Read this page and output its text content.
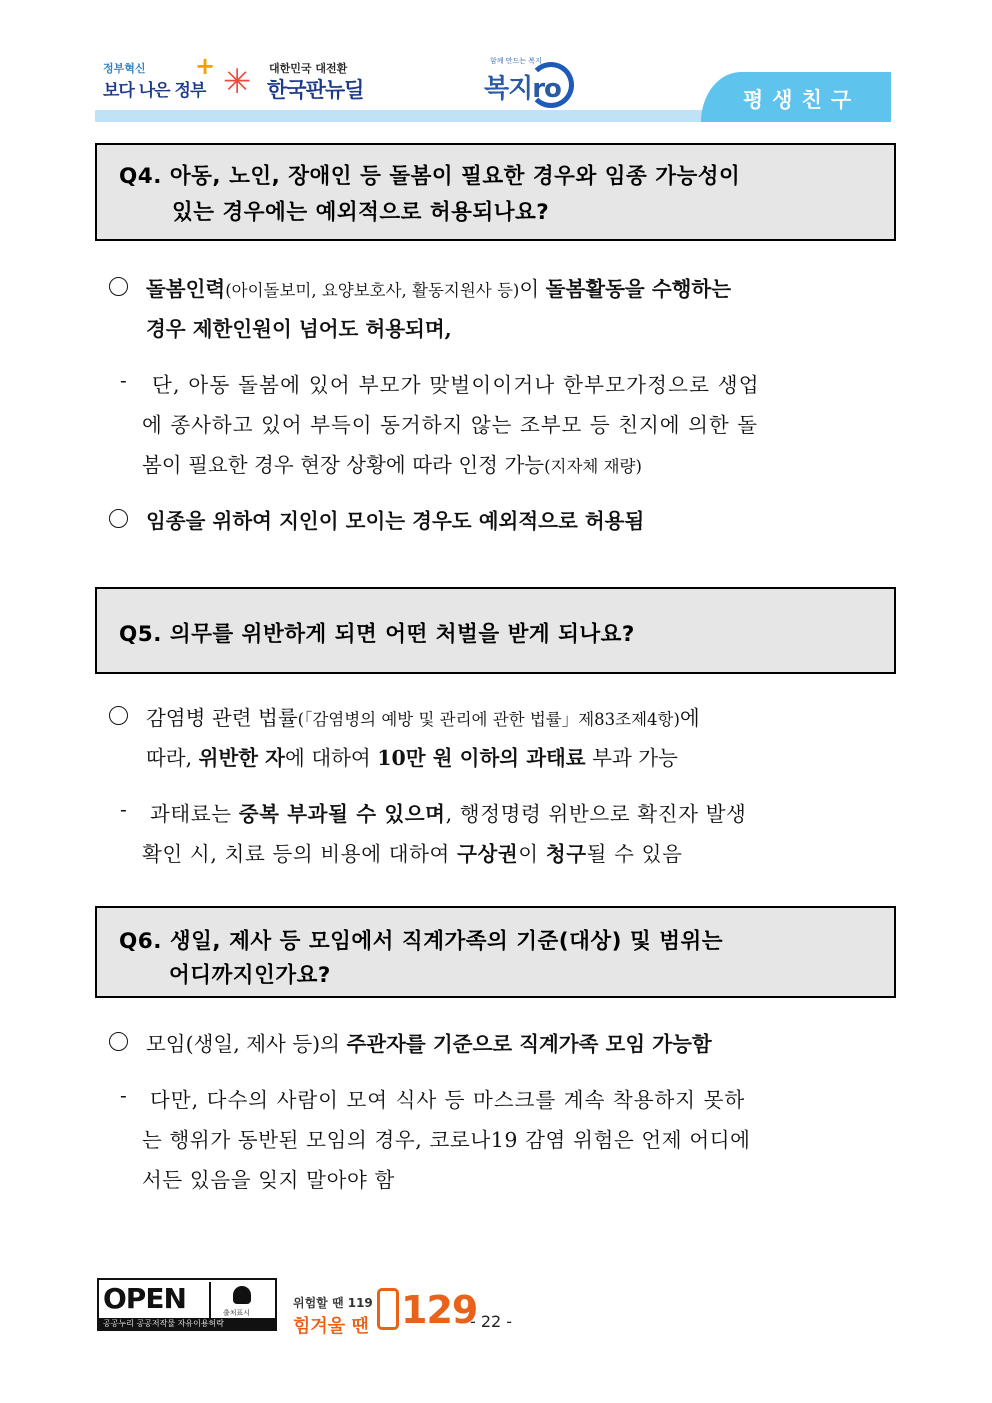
정부혁신
보다 나은 정부
+ ✳ 대한민국 대전환
한국판뉴딜
함께 만드는 복지
복지ro	평생친구
Q4. 아동, 노인, 장애인 등 돌봄이 필요한 경우와 임종 가능성이
있는 경우에는 예외적으로 허용되나요?
돌봄인력(아이돌보미, 요양보호사, 활동지원사 등)이 돌봄활동을 수행하는
경우 제한인원이 넘어도 허용되며,
- 단, 아동 돌봄에 있어 부모가 맞벌이이거나 한부모가정으로 생업
에 종사하고 있어 부득이 동거하지 않는 조부모 등 친지에 의한 돌
봄이 필요한 경우 현장 상황에 따라 인정 가능(지자체 재량)
임종을 위하여 지인이 모이는 경우도 예외적으로 허용됨
Q5. 의무를 위반하게 되면 어떤 처벌을 받게 되나요?
감염병 관련 법률(「감염병의 예방 및 관리에 관한 법률」제83조제4항)에
따라, 위반한 자에 대하여 10만 원 이하의 과태료 부과 가능
- 과태료는 중복 부과될 수 있으며, 행정명령 위반으로 확진자 발생
확인 시, 치료 등의 비용에 대하여 구상권이 청구될 수 있음
Q6. 생일, 제사 등 모임에서 직계가족의 기준(대상) 및 범위는
어디까지인가요?
모임(생일, 제사 등)의 주관자를 기준으로 직계가족 모임 가능함
- 다만, 다수의 사람이 모여 식사 등 마스크를 계속 착용하지 못하
는 행위가 동반된 모임의 경우, 코로나19 감염 위험은 언제 어디에
서든 있음을 잊지 말아야 함
OPEN	출처표시
공공누리 공공저작물 자유이용허락
위험할 땐 119
힘겨울 땐 129
- 22 -
